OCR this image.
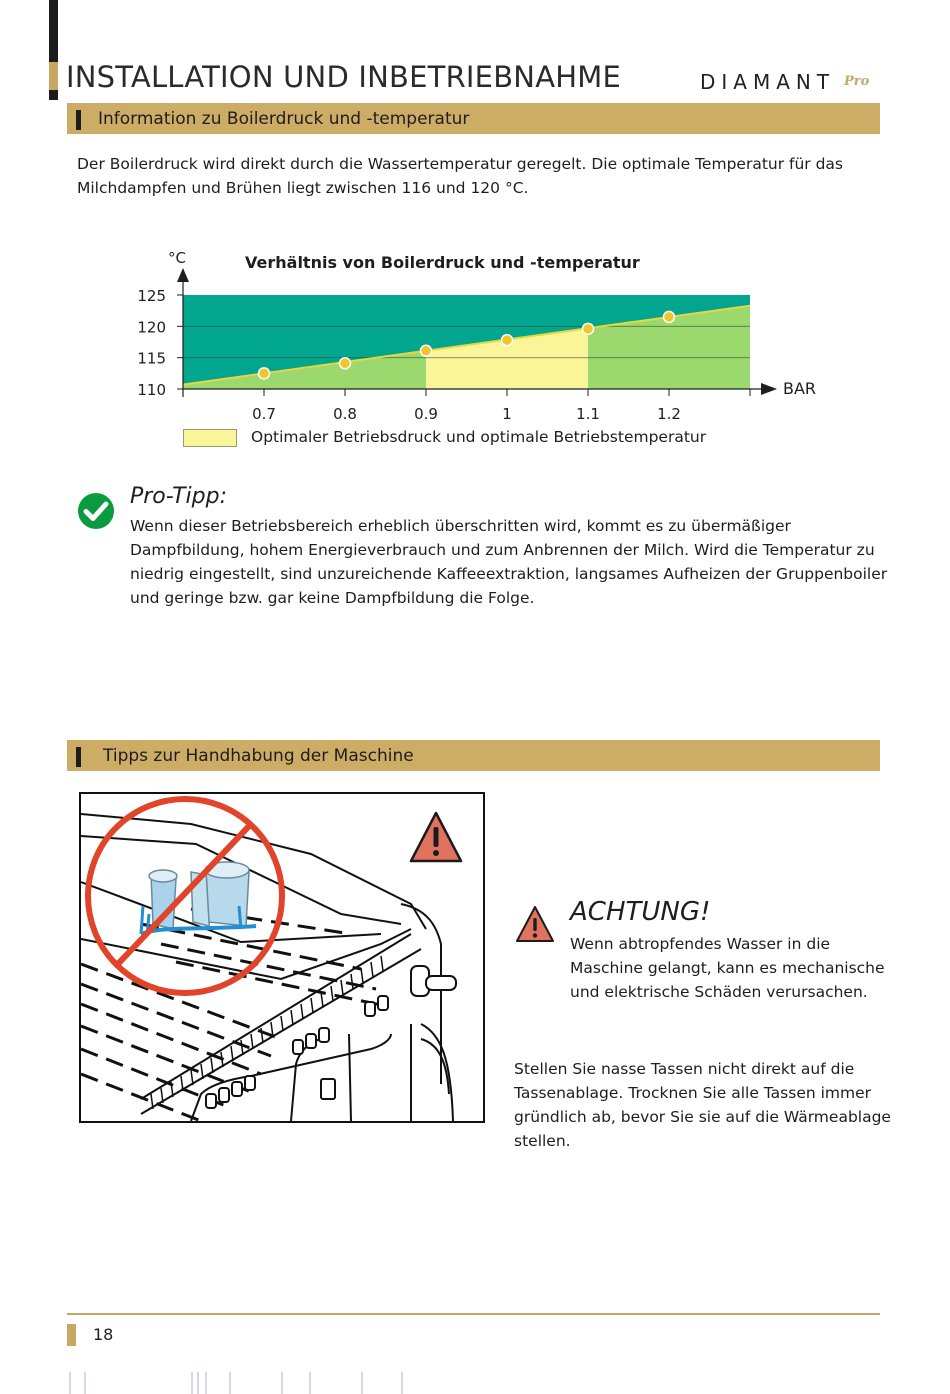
INSTALLATION UND INBETRIEBNAHME	DIAMANT Pro
Information zu Boilerdruck und -temperatur

Der Boilerdruck wird direkt durch die Wassertemperatur geregelt. Die optimale Temperatur für das

Milchdampfen und Brühen liegt zwischen 116 und 120 °C.

110
115
120
125
0.7	0.8	0.9	1	1.1	1.2
Verhältnis von Boilerdruck und -temperatur
°C
BAR
Optimaler Betriebsdruck und optimale Betriebstemperatur
Pro-Tipp:

Wenn dieser Betriebsbereich erheblich überschritten wird, kommt es zu übermäßiger

Dampfbildung, hohem Energieverbrauch und zum Anbrennen der Milch. Wird die Temperatur zu

niedrig eingestellt, sind unzureichende Kaffeeextraktion, langsames Aufheizen der Gruppenboiler

und geringe bzw. gar keine Dampfbildung die Folge.

Tipps zur Handhabung der Maschine
ACHTUNG!

Wenn abtropfendes Wasser in die

Maschine gelangt, kann es mechanische

und elektrische Schäden verursachen.

Stellen Sie nasse Tassen nicht direkt auf die

Tassenablage. Trocknen Sie alle Tassen immer

gründlich ab, bevor Sie sie auf die Wärmeablage

stellen.

18
